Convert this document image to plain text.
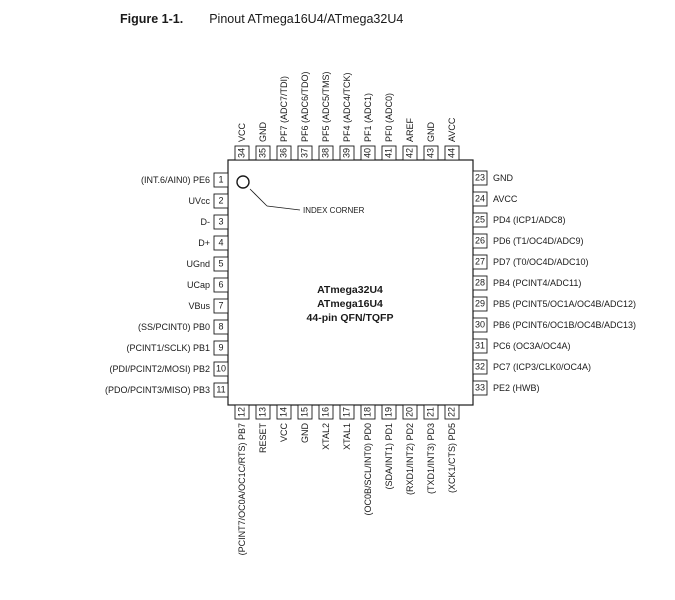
Figure 1-1. Pinout ATmega16U4/ATmega32U4
INDEX CORNER
ATmega32U4
ATmega16U4
44-pin QFN/TQFP
1
(INT.6/AIN0) PE6
2
UVcc
3
D-
4
D+
5
UGnd
6
UCap
7
VBus
8
(SS/PCINT0) PB0
9
(PCINT1/SCLK) PB1
10
(PDI/PCINT2/MOSI) PB2
11
(PDO/PCINT3/MISO) PB3
23 GND
24 AVCC
25 PD4 (ICP1/ADC8)
26 PD6 (T1/OC4D/ADC9)
27 PD7 (T0/OC4D/ADC10)
28 PB4 (PCINT4/ADC11)
29 PB5 (PCINT5/OC1A/OC4B/ADC12)
30 PB6 (PCINT6/OC1B/OC4B/ADC13)
31 PC6 (OC3A/OC4A)
32 PC7 (ICP3/CLK0/OC4A)
33 PE2 (HWB)
12
(PCINT7/OC0A/OC1C/RTS) PB7
13
RESET
14
VCC
15
GND
16
XTAL2
17
XTAL1
18
(OC0B/SCL/INT0) PD0
19
(SDA/INT1) PD1
20
(RXD1/INT2) PD2
21
(TXD1/INT3) PD3
22
(XCK1/CTS) PD5
34
VCC
35
GND
36
PF7 (ADC7/TDI)
37
PF6 (ADC6/TDO)
38
PF5 (ADC5/TMS)
39
PF4 (ADC4/TCK)
40
PF1 (ADC1)
41
PF0 (ADC0)
42
AREF
43
GND
44
AVCC
